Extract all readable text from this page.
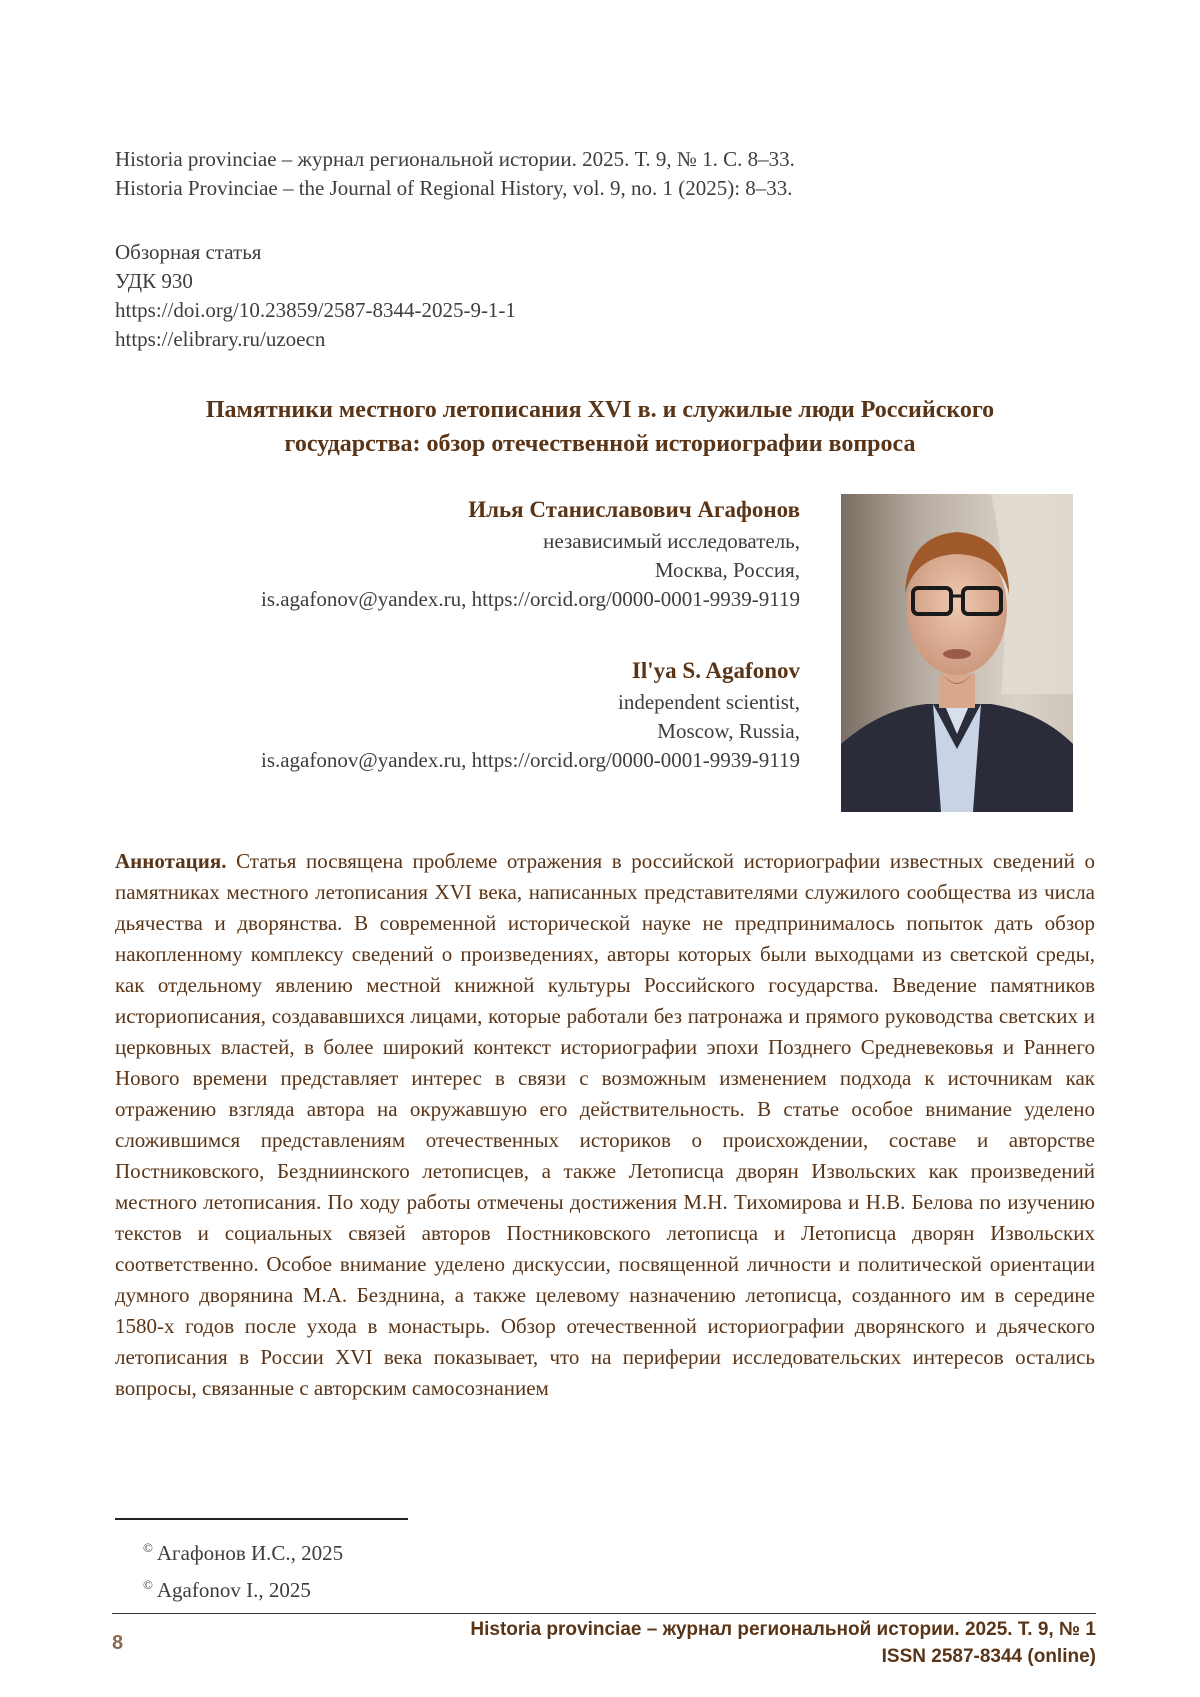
Historia provinciae – журнал региональной истории. 2025. Т. 9, № 1. С. 8–33.
Historia Provinciae – the Journal of Regional History, vol. 9, no. 1 (2025): 8–33.
Обзорная статья
УДК 930
https://doi.org/10.23859/2587-8344-2025-9-1-1
https://elibrary.ru/uzoecn
Памятники местного летописания XVI в. и служилые люди Российского
государства: обзор отечественной историографии вопроса
Илья Станиславович Агафонов
независимый исследователь,
Москва, Россия,
is.agafonov@yandex.ru, https://orcid.org/0000-0001-9939-9119
Il'ya S. Agafonov
independent scientist,
Moscow, Russia,
is.agafonov@yandex.ru, https://orcid.org/0000-0001-9939-9119
Аннотация. Статья посвящена проблеме отражения в российской историографии известных сведений о памятниках местного летописания XVI века, написанных представителями служилого сообщества из числа дьячества и дворянства. В современной исторической науке не предпринималось попыток дать обзор накопленному комплексу сведений о произведениях, авторы которых были выходцами из светской среды, как отдельному явлению местной книжной культуры Российского государства. Введение памятников историописания, создававшихся лицами, которые работали без патронажа и прямого руководства светских и церковных властей, в более широкий контекст историографии эпохи Позднего Средневековья и Раннего Нового времени представляет интерес в связи с возможным изменением подхода к источникам как отражению взгляда автора на окружавшую его действительность. В статье особое внимание уделено сложившимся представлениям отечественных историков о происхождении, составе и авторстве Постниковского, Бездниинского летописцев, а также Летописца дворян Извольских как произведений местного летописания. По ходу работы отмечены достижения М.Н. Тихомирова и Н.В. Белова по изучению текстов и социальных связей авторов Постниковского летописца и Летописца дворян Извольских соответственно. Особое внимание уделено дискуссии, посвященной личности и политической ориентации думного дворянина М.А. Безднина, а также целевому назначению летописца, созданного им в середине 1580-х годов после ухода в монастырь. Обзор отечественной историографии дворянского и дьяческого летописания в России XVI века показывает, что на периферии исследовательских интересов остались вопросы, связанные с авторским самосознанием
© Агафонов И.С., 2025
© Agafonov I., 2025
8
Historia provinciae – журнал региональной истории. 2025. Т. 9, № 1
ISSN 2587-8344 (online)
